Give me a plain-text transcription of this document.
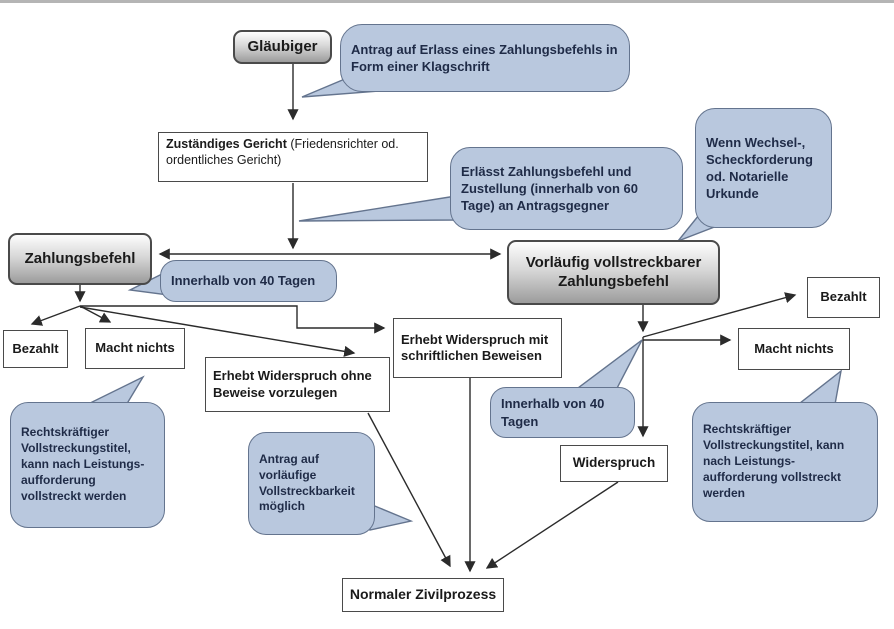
Gläubiger
Vorläufig vollstreckbarer Zahlungsbefehl
Zahlungsbefehl
Zuständiges Gericht (Friedensrichter od. ordentliches Gericht)
Bezahlt	Macht nichts
Erhebt Widerspruch ohne Beweise vorzulegen
Erhebt Widerspruch mit schriftlichen Beweisen
Widerspruch
Bezahlt
Macht nichts
Normaler Zivilprozess
Antrag auf Erlass eines Zahlungsbefehls in Form einer Klagschrift
Erlässt Zahlungsbefehl und Zustellung (innerhalb von 60 Tage) an Antragsgegner
Wenn Wechsel-, Scheckforderung od. Notarielle Urkunde
Innerhalb von 40 Tagen
Rechtskräftiger Vollstreckungstitel, kann nach Leistungs- aufforderung vollstreckt werden
Antrag auf vorläufige Vollstreckbarkeit möglich
Innerhalb von 40 Tagen
Rechtskräftiger Vollstreckungstitel, kann nach Leistungs- aufforderung vollstreckt werden
